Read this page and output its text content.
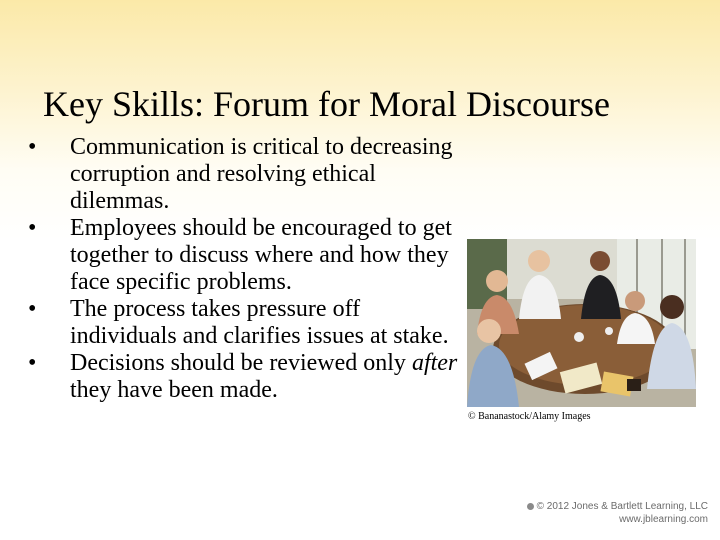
Key Skills: Forum for Moral Discourse
•	Communication is critical to decreasing corruption and resolving ethical dilemmas.
•	Employees should be encouraged to get together to discuss where and how they face specific problems.
•	The process takes pressure off individuals and clarifies issues at stake.
•	Decisions should be reviewed only after they have been made.
© Bananastock/Alamy Images
© 2012 Jones & Bartlett Learning, LLC
www.jblearning.com
